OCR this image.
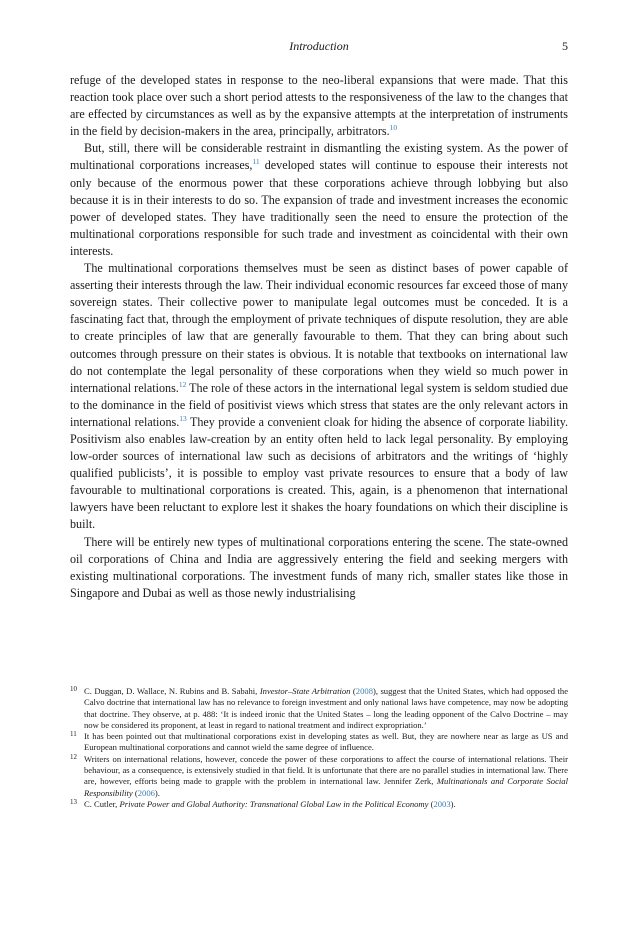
Introduction	5

refuge of the developed states in response to the neo-liberal expansions that were made. That this reaction took place over such a short period attests to the responsiveness of the law to the changes that are effected by circumstances as well as by the expansive attempts at the interpretation of instruments in the field by decision-makers in the area, principally, arbitrators.$^{10}$

But, still, there will be considerable restraint in dismantling the existing system. As the power of multinational corporations increases,$^{11}$ developed states will continue to espouse their interests not only because of the enormous power that these corporations achieve through lobbying but also because it is in their interests to do so. The expansion of trade and investment increases the economic power of developed states. They have traditionally seen the need to ensure the protection of the multinational corporations responsible for such trade and investment as coincidental with their own interests.

The multinational corporations themselves must be seen as distinct bases of power capable of asserting their interests through the law. Their individual economic resources far exceed those of many sovereign states. Their collective power to manipulate legal outcomes must be conceded. It is a fascinating fact that, through the employment of private techniques of dispute resolution, they are able to create principles of law that are generally favourable to them. That they can bring about such outcomes through pressure on their states is obvious. It is notable that textbooks on international law do not contemplate the legal personality of these corporations when they wield so much power in international relations.$^{12}$ The role of these actors in the international legal system is seldom studied due to the dominance in the field of positivist views which stress that states are the only relevant actors in international relations.$^{13}$ They provide a convenient cloak for hiding the absence of corporate liability. Positivism also enables law-creation by an entity often held to lack legal personality. By employing low-order sources of international law such as decisions of arbitrators and the writings of ‘highly qualified publicists’, it is possible to employ vast private resources to ensure that a body of law favourable to multinational corporations is created. This, again, is a phenomenon that international lawyers have been reluctant to explore lest it shakes the hoary foundations on which their discipline is built.

There will be entirely new types of multinational corporations entering the scene. The state-owned oil corporations of China and India are aggressively entering the field and seeking mergers with existing multinational corporations. The investment funds of many rich, smaller states like those in Singapore and Dubai as well as those newly industrialising

10 C. Duggan, D. Wallace, N. Rubins and B. Sabahi, Investor–State Arbitration (2008), suggest that the United States, which had opposed the Calvo doctrine that international law has no relevance to foreign investment and only national laws have competence, may now be adopting that doctrine. They observe, at p. 488: ‘It is indeed ironic that the United States – long the leading opponent of the Calvo Doctrine – may now be considered its proponent, at least in regard to national treatment and indirect expropriation.’
11 It has been pointed out that multinational corporations exist in developing states as well. But, they are nowhere near as large as US and European multinational corporations and cannot wield the same degree of influence.
12 Writers on international relations, however, concede the power of these corporations to affect the course of international relations. Their behaviour, as a consequence, is extensively studied in that field. It is unfortunate that there are no parallel studies in international law. There are, however, efforts being made to grapple with the problem in international law. Jennifer Zerk, Multinationals and Corporate Social Responsibility (2006).
13 C. Cutler, Private Power and Global Authority: Transnational Global Law in the Political Economy (2003).
